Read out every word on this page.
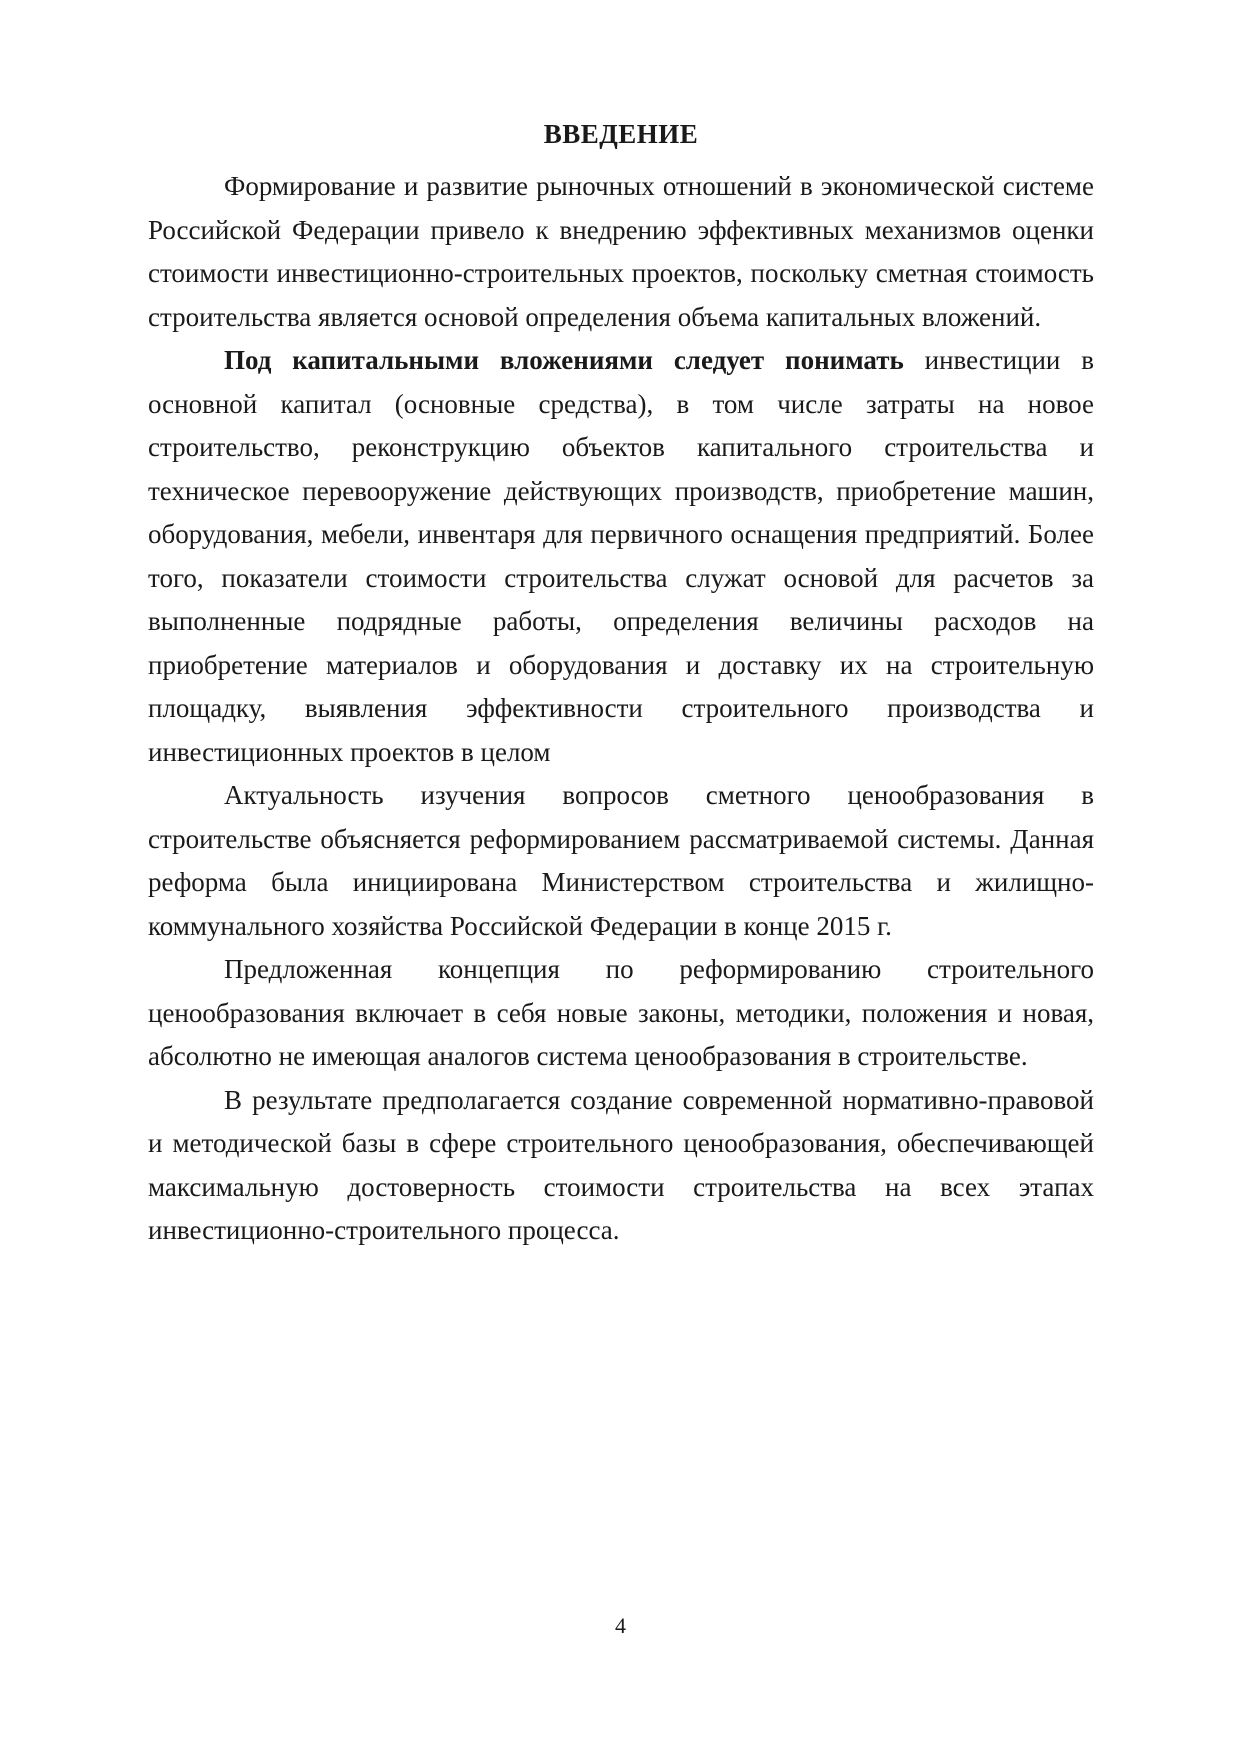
ВВЕДЕНИЕ

Формирование и развитие рыночных отношений в экономической системе Российской Федерации привело к внедрению эффективных механизмов оценки стоимости инвестиционно-строительных проектов, поскольку сметная стоимость строительства является основой определения объема капитальных вложений.

Под капитальными вложениями следует понимать инвестиции в основной капитал (основные средства), в том числе затраты на новое строительство, реконструкцию объектов капитального строительства и техническое перевооружение действующих производств, приобретение машин, оборудования, мебели, инвентаря для первичного оснащения предприятий. Более того, показатели стоимости строительства служат основой для расчетов за выполненные подрядные работы, определения величины расходов на приобретение материалов и оборудования и доставку их на строительную площадку, выявления эффективности строительного производства и инвестиционных проектов в целом

Актуальность изучения вопросов сметного ценообразования в строительстве объясняется реформированием рассматриваемой системы. Данная реформа была инициирована Министерством строительства и жилищно-коммунального хозяйства Российской Федерации в конце 2015 г.

Предложенная концепция по реформированию строительного ценообразования включает в себя новые законы, методики, положения и новая, абсолютно не имеющая аналогов система ценообразования в строительстве.

В результате предполагается создание современной нормативно-правовой и методической базы в сфере строительного ценообразования, обеспечивающей максимальную достоверность стоимости строительства на всех этапах инвестиционно-строительного процесса.

4
